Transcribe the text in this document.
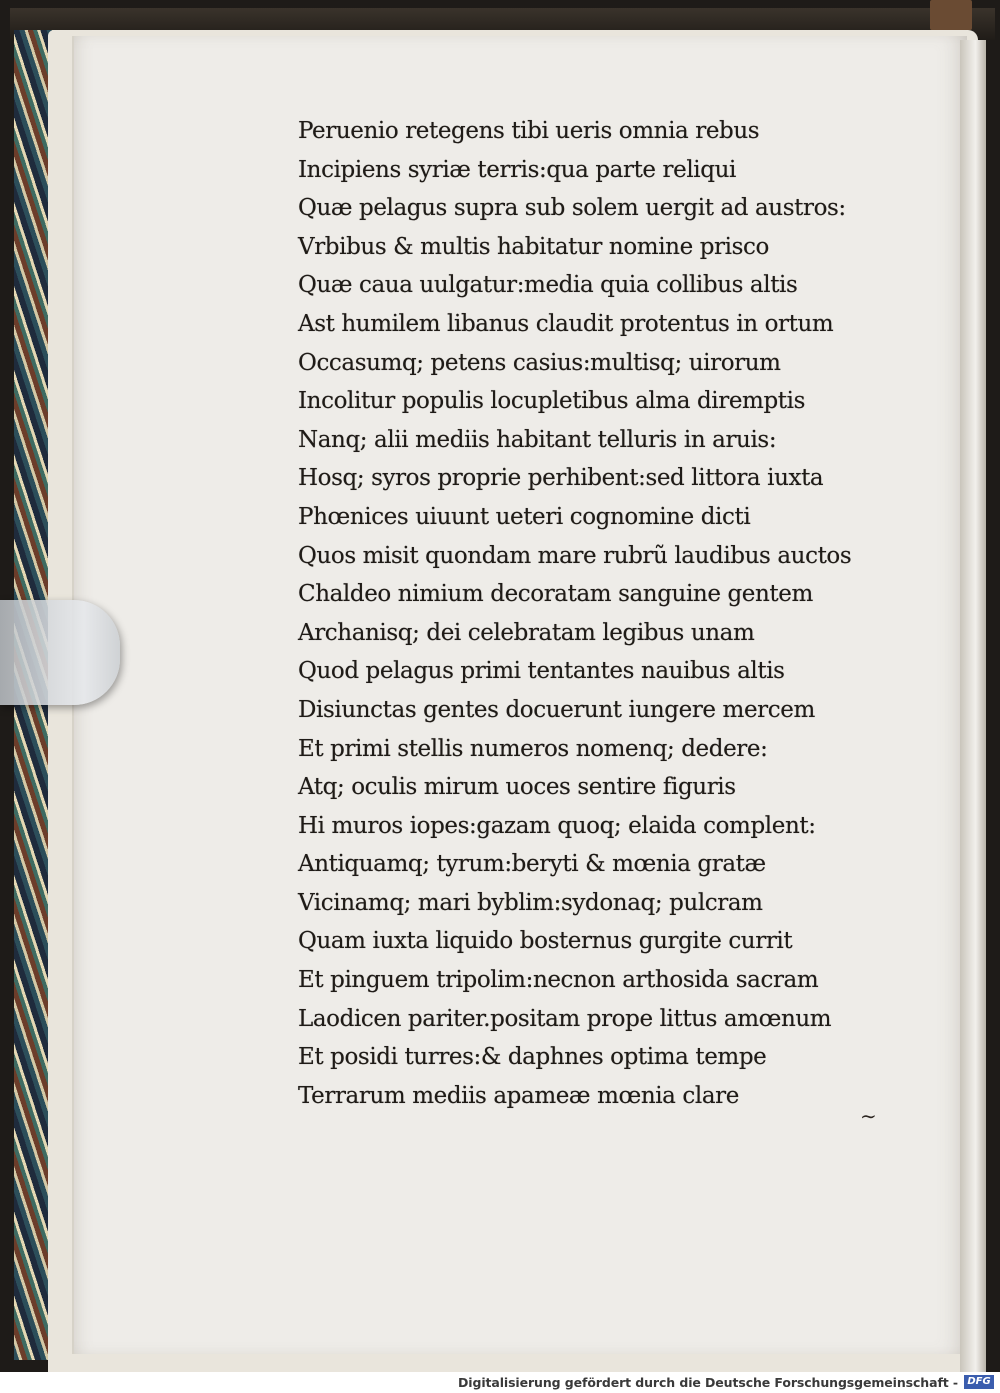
Peruenio retegens tibi ueris omnia rebus
Incipiens syriæ terris:qua parte reliqui
Quæ pelagus supra sub solem uergit ad austros:
Vrbibus & multis habitatur nomine prisco
Quæ caua uulgatur:media quia collibus altis
Ast humilem libanus claudit protentus in ortum
Occasumq; petens casius:multisq; uirorum
Incolitur populis locupletibus alma diremptis
Nanq; alii mediis habitant telluris in aruis:
Hosq; syros proprie perhibent:sed littora iuxta
Phœnices uiuunt ueteri cognomine dicti
Quos misit quondam mare rubrũ laudibus auctos
Chaldeo nimium decoratam sanguine gentem
Archanisq; dei celebratam legibus unam
Quod pelagus primi tentantes nauibus altis
Disiunctas gentes docuerunt iungere mercem
Et primi stellis numeros nomenq; dedere:
Atq; oculis mirum uoces sentire figuris
Hi muros iopes:gazam quoq; elaida complent:
Antiquamq; tyrum:beryti & mœnia gratæ
Vicinamq; mari byblim:sydonaq; pulcram
Quam iuxta liquido bosternus gurgite currit
Et pinguem tripolim:necnon arthosida sacram
Laodicen pariter.positam prope littus amœnum
Et posidi turres:& daphnes optima tempe
Terrarum mediis apameæ mœnia clare
∼
Digitalisierung gefördert durch die Deutsche Forschungsgemeinschaft - DFG
